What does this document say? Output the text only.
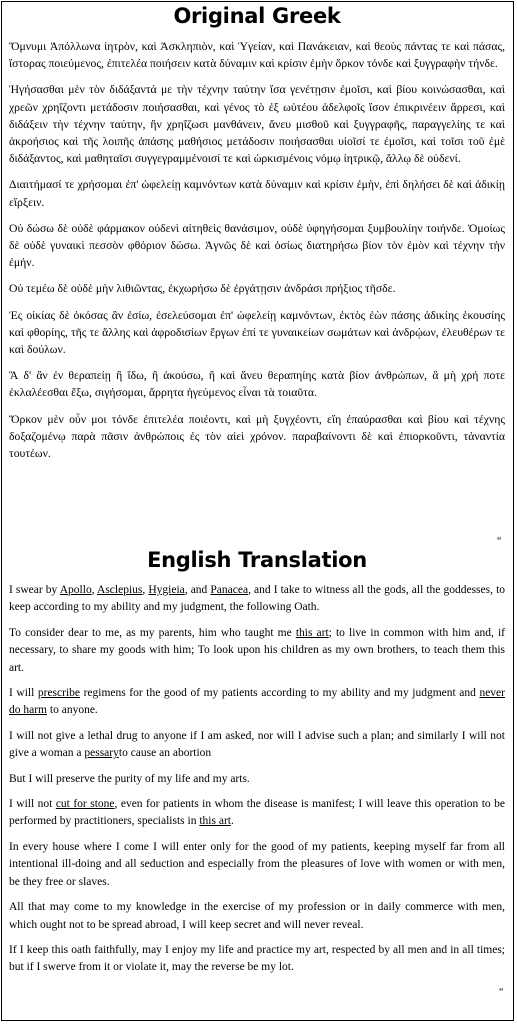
Original Greek

Ὄμνυμι Ἀπόλλωνα ἰητρὸν, καὶ Ἀσκληπιὸν, καὶ Ὑγείαν, καὶ Πανάκειαν, καὶ θεοὺς πάντας τε καὶ πάσας, ἵστορας ποιεύμενος, ἐπιτελέα ποιήσειν κατὰ δύναμιν καὶ κρίσιν ἐμὴν ὅρκον τόνδε καὶ ξυγγραφὴν τήνδε.

Ἡγήσασθαι μὲν τὸν διδάξαντά με τὴν τέχνην ταύτην ἴσα γενέτῃσιν ἐμοῖσι, καὶ βίου κοινώσασθαι, καὶ χρεῶν χρηΐζοντι μετάδοσιν ποιήσασθαι, καὶ γένος τὸ ἐξ ωὐτέου ἀδελφοῖς ἴσον ἐπικρινέειν ἄρρεσι, καὶ διδάξειν τὴν τέχνην ταύτην, ἢν χρηΐζωσι μανθάνειν, ἄνευ μισθοῦ καὶ ξυγγραφῆς, παραγγελίης τε καὶ ἀκροήσιος καὶ τῆς λοιπῆς ἁπάσης μαθήσιος μετάδοσιν ποιήσασθαι υἱοῖσί τε ἐμοῖσι, καὶ τοῖσι τοῦ ἐμὲ διδάξαντος, καὶ μαθηταῖσι συγγεγραμμένοισί τε καὶ ὡρκισμένοις νόμῳ ἰητρικῷ, ἄλλῳ δὲ οὐδενί.

Διαιτήμασί τε χρήσομαι ἐπ' ὠφελείῃ καμνόντων κατὰ δύναμιν καὶ κρίσιν ἐμὴν, ἐπὶ δηλήσει δὲ καὶ ἀδικίῃ εἴρξειν.

Οὐ δώσω δὲ οὐδὲ φάρμακον οὐδενὶ αἰτηθεὶς θανάσιμον, οὐδὲ ὑφηγήσομαι ξυμβουλίην τοιήνδε. Ὁμοίως δὲ οὐδὲ γυναικὶ πεσσὸν φθόριον δώσω. Ἁγνῶς δὲ καὶ ὁσίως διατηρήσω βίον τὸν ἐμὸν καὶ τέχνην τὴν ἐμήν.

Οὐ τεμέω δὲ οὐδὲ μὴν λιθιῶντας, ἐκχωρήσω δὲ ἐργάτῃσιν ἀνδράσι πρήξιος τῆσδε.

Ἐς οἰκίας δὲ ὁκόσας ἂν ἐσίω, ἐσελεύσομαι ἐπ' ὠφελείῃ καμνόντων, ἐκτὸς ἐὼν πάσης ἀδικίης ἑκουσίης καὶ φθορίης, τῆς τε ἄλλης καὶ ἀφροδισίων ἔργων ἐπί τε γυναικείων σωμάτων καὶ ἀνδρῴων, ἐλευθέρων τε καὶ δούλων.

Ἃ δ' ἂν ἐν θεραπείῃ ἢ ἴδω, ἢ ἀκούσω, ἢ καὶ ἄνευ θεραπηίης κατὰ βίον ἀνθρώπων, ἃ μὴ χρή ποτε ἐκλαλέεσθαι ἔξω, σιγήσομαι, ἄρρητα ἡγεύμενος εἶναι τὰ τοιαῦτα.

Ὅρκον μὲν οὖν μοι τόνδε ἐπιτελέα ποιέοντι, καὶ μὴ ξυγχέοντι, εἴη ἐπαύρασθαι καὶ βίου καὶ τέχνης δοξαζομένῳ παρὰ πᾶσιν ἀνθρώποις ἐς τὸν αἰεὶ χρόνον. παραβαίνοντι δὲ καὶ ἐπιορκοῦντι, τἀναντία τουτέων.

“
English Translation

I swear by Apollo, Asclepius, Hygieia, and Panacea, and I take to witness all the gods, all the goddesses, to keep according to my ability and my judgment, the following Oath.

To consider dear to me, as my parents, him who taught me this art; to live in common with him and, if necessary, to share my goods with him; To look upon his children as my own brothers, to teach them this art.

I will prescribe regimens for the good of my patients according to my ability and my judgment and never do harm to anyone.

I will not give a lethal drug to anyone if I am asked, nor will I advise such a plan; and similarly I will not give a woman a pessaryto cause an abortion

But I will preserve the purity of my life and my arts.

I will not cut for stone, even for patients in whom the disease is manifest; I will leave this operation to be performed by practitioners, specialists in this art.

In every house where I come I will enter only for the good of my patients, keeping myself far from all intentional ill-doing and all seduction and especially from the pleasures of love with women or with men, be they free or slaves.

All that may come to my knowledge in the exercise of my profession or in daily commerce with men, which ought not to be spread abroad, I will keep secret and will never reveal.

If I keep this oath faithfully, may I enjoy my life and practice my art, respected by all men and in all times; but if I swerve from it or violate it, may the reverse be my lot.

“
